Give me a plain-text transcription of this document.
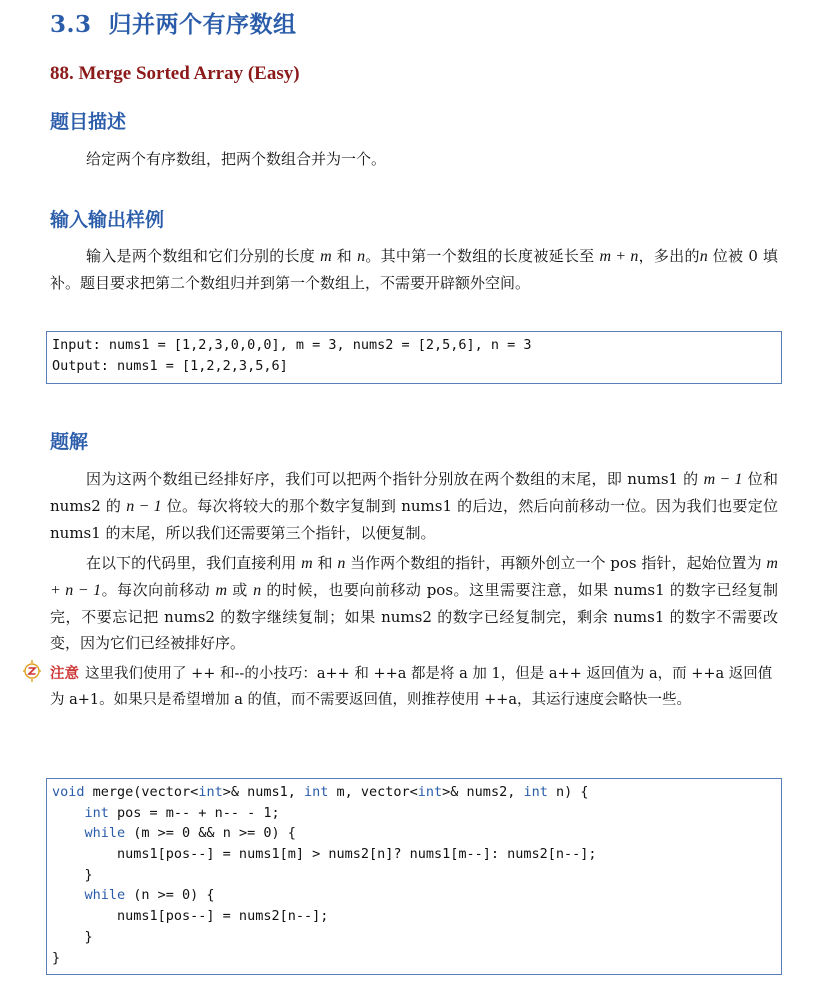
3.3 归并两个有序数组
88. Merge Sorted Array (Easy)
题目描述

给定两个有序数组，把两个数组合并为一个。

输入输出样例

输入是两个数组和它们分别的长度 m 和 n。其中第一个数组的长度被延长至 m + n，多出的n 位被 0 填补。题目要求把第二个数组归并到第一个数组上，不需要开辟额外空间。

Input: nums1 = [1,2,3,0,0,0], m = 3, nums2 = [2,5,6], n = 3
Output: nums1 = [1,2,2,3,5,6]
题解

因为这两个数组已经排好序，我们可以把两个指针分别放在两个数组的末尾，即 nums1 的 m − 1 位和 nums2 的 n − 1 位。每次将较大的那个数字复制到 nums1 的后边，然后向前移动一位。因为我们也要定位 nums1 的末尾，所以我们还需要第三个指针，以便复制。

在以下的代码里，我们直接利用 m 和 n 当作两个数组的指针，再额外创立一个 pos 指针，起始位置为 m + n − 1。每次向前移动 m 或 n 的时候，也要向前移动 pos。这里需要注意，如果 nums1 的数字已经复制完，不要忘记把 nums2 的数字继续复制；如果 nums2 的数字已经复制完，剩余 nums1 的数字不需要改变，因为它们已经被排好序。

注意 这里我们使用了 ++ 和--的小技巧：a++ 和 ++a 都是将 a 加 1，但是 a++ 返回值为 a，而 ++a 返回值为 a+1。如果只是希望增加 a 的值，而不需要返回值，则推荐使用 ++a，其运行速度会略快一些。

void merge(vector<int>& nums1, int m, vector<int>& nums2, int n) {
int pos = m-- + n-- - 1;
while (m >= 0 && n >= 0) {
nums1[pos--] = nums1[m] > nums2[n]? nums1[m--]: nums2[n--];
}
while (n >= 0) {
nums1[pos--] = nums2[n--];
}
}
